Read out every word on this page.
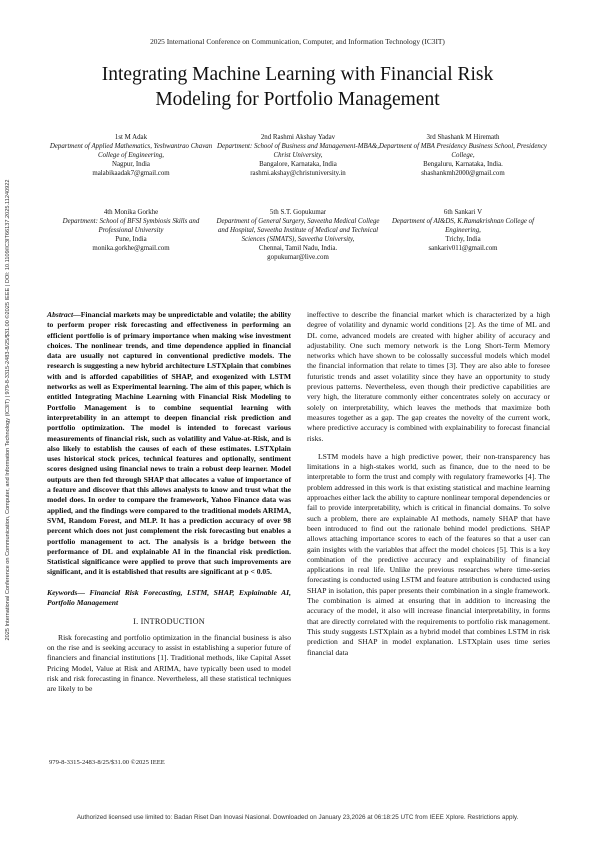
2025 International Conference on Communication, Computer, and Information Technology (IC3IT)
Integrating Machine Learning with Financial Risk
Modeling for Portfolio Management
1st M Adak
Department of Applied Mathematics, Yeshwantrao Chavan College of Engineering,
Nagpur, India
malabikaadak7@gmail.com
2nd Rashmi Akshay Yadav
Department: School of Business and Management-MBA&, Christ University,
Bangalore, Karnataka, India
rashmi.akshay@christuniversity.in
3rd Shashank M Hiremath
Department of MBA Presidency Business School, Presidency College,
Bengaluru, Karnataka, India.
shashankmh2000@gmail.com
4th Monika Gorkhe
Department: School of BFSI Symbiosis Skills and Professional University
Pune, India
monika.gorkhe@gmail.com
5th S.T. Gopukumar
Department of General Surgery, Saveetha Medical College and Hospital, Saveetha Institute of Medical and Technical Sciences (SIMATS), Saveetha University,
Chennai, Tamil Nadu, India.
gopukumar@live.com
6th Sankari V
Department of AI&DS, K.Ramakrishnan College of Engineering,
Trichy, India
sankariv011@gmail.com
2025 International Conference on Communication, Computer, and Information Technology (IC3IT) | 979-8-3315-2483-8/25/$31.00 ©2025 IEEE | DOI: 10.1109/IC3IT66137.2025.11240922	Abstract—Financial markets may be unpredictable and volatile; the ability to perform proper risk forecasting and effectiveness in performing an efficient portfolio is of primary importance when making wise investment choices. The nonlinear trends, and time dependence applied in financial data are usually not captured in conventional predictive models. The research is suggesting a new hybrid architecture LSTXplain that combines with and is afforded capabilities of SHAP, and exogenized with LSTM networks as well as Experimental learning. The aim of this paper, which is entitled Integrating Machine Learning with Financial Risk Modeling to Portfolio Management is to combine sequential learning with interpretability in an attempt to deepen financial risk prediction and portfolio optimization. The model is intended to forecast various measurements of financial risk, such as volatility and Value-at-Risk, and is also likely to establish the causes of each of these estimates. LSTXplain uses historical stock prices, technical features and optionally, sentiment scores designed using financial news to train a robust deep learner. Model outputs are then fed through SHAP that allocates a value of importance of a feature and discover that this allows analysts to know and trust what the model does. In order to compare the framework, Yahoo Finance data was applied, and the findings were compared to the traditional models ARIMA, SVM, Random Forest, and MLP. It has a prediction accuracy of over 98 percent which does not just complement the risk forecasting but enables a portfolio management to act. The analysis is a bridge between the performance of DL and explainable AI in the financial risk prediction. Statistical significance were applied to prove that such improvements are significant, and it is established that results are significant at p < 0.05.

Keywords— Financial Risk Forecasting, LSTM, SHAP, Explainable AI, Portfolio Management

I. INTRODUCTION

Risk forecasting and portfolio optimization in the financial business is also on the rise and is seeking accuracy to assist in establishing a superior future of financiers and financial institutions [1]. Traditional methods, like Capital Asset Pricing Model, Value at Risk and ARIMA, have typically been used to model risk and risk forecasting in finance. Nevertheless, all these statistical techniques are likely to be

ineffective to describe the financial market which is characterized by a high degree of volatility and dynamic world conditions [2]. As the time of ML and DL come, advanced models are created with higher ability of accuracy and adjustability. One such memory network is the Long Short-Term Memory networks which have shown to be colossally successful models which model the financial information that relate to times [3]. They are also able to foresee futuristic trends and asset volatility since they have an opportunity to study previous patterns. Nevertheless, even though their predictive capabilities are very high, the literature commonly either concentrates solely on accuracy or solely on interpretability, which leaves the methods that maximize both measures together as a gap. The gap creates the novelty of the current work, where predictive accuracy is combined with explainability to forecast financial risks.

LSTM models have a high predictive power, their non-transparency has limitations in a high-stakes world, such as finance, due to the need to be interpretable to form the trust and comply with regulatory frameworks [4]. The problem addressed in this work is that existing statistical and machine learning approaches either lack the ability to capture nonlinear temporal dependencies or fail to provide interpretability, which is critical in financial domains. To solve such a problem, there are explainable AI methods, namely SHAP that have been introduced to find out the rationale behind model predictions. SHAP allows attaching importance scores to each of the features so that a user can gain insights with the variables that affect the model choices [5]. This is a key combination of the predictive accuracy and explainability of financial applications in real life. Unlike the previous researches where time-series forecasting is conducted using LSTM and feature attribution is conducted using SHAP in isolation, this paper presents their combination in a single framework. The combination is aimed at ensuring that in addition to increasing the accuracy of the model, it also will increase financial interpretability, in forms that are directly correlated with the requirements to portfolio risk management. This study suggests LSTXplain as a hybrid model that combines LSTM in risk prediction and SHAP in model explanation. LSTXplain uses time series financial data

979-8-3315-2483-8/25/$31.00 ©2025 IEEE
Authorized licensed use limited to: Badan Riset Dan Inovasi Nasional. Downloaded on January 23,2026 at 06:18:25 UTC from IEEE Xplore. Restrictions apply.
